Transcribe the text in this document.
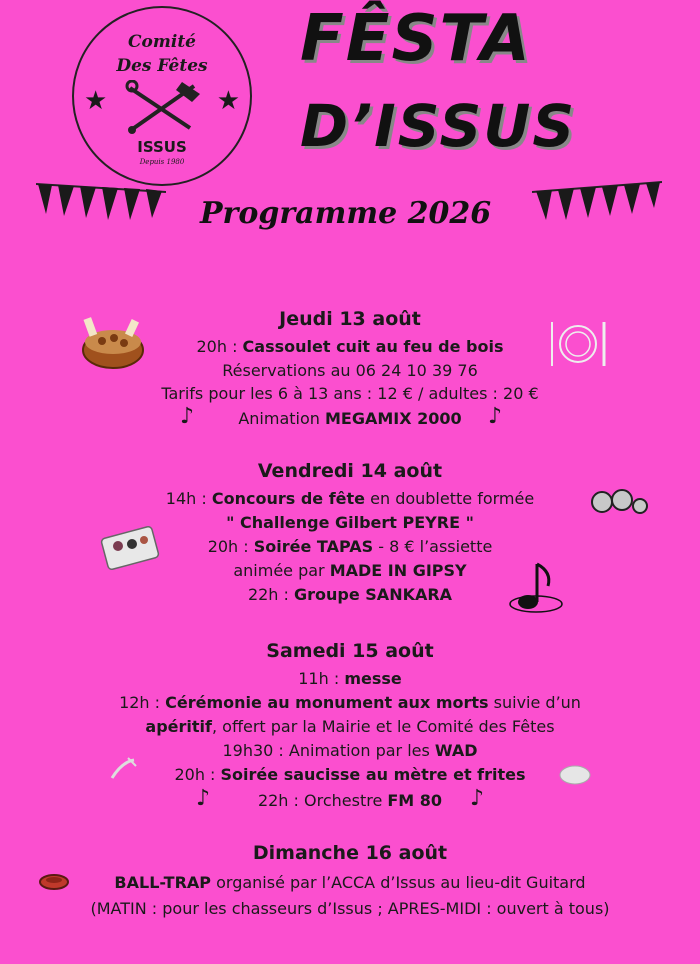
Comité
Des Fêtes
★	★
ISSUS
Depuis 1980
FÊSTA
D’ISSUS
Programme 2026
Jeudi 13 août
20h : Cassoulet cuit au feu de bois
Réservations au 06 24 10 39 76
Tarifs pour les 6 à 13 ans : 12 € / adultes : 20 €
Animation MEGAMIX 2000
♪	♪
Vendredi 14 août
14h : Concours de fête en doublette formée
" Challenge Gilbert PEYRE "
20h : Soirée TAPAS - 8 € l’assiette
animée par MADE IN GIPSY
22h : Groupe SANKARA
Samedi 15 août
11h : messe
12h : Cérémonie au monument aux morts suivie d’un
apéritif, offert par la Mairie et le Comité des Fêtes
19h30 : Animation par les WAD
20h : Soirée saucisse au mètre et frites
22h : Orchestre FM 80
♪	♪
Dimanche 16 août
BALL-TRAP organisé par l’ACCA d’Issus au lieu-dit Guitard
(MATIN : pour les chasseurs d’Issus ; APRES-MIDI : ouvert à tous)
